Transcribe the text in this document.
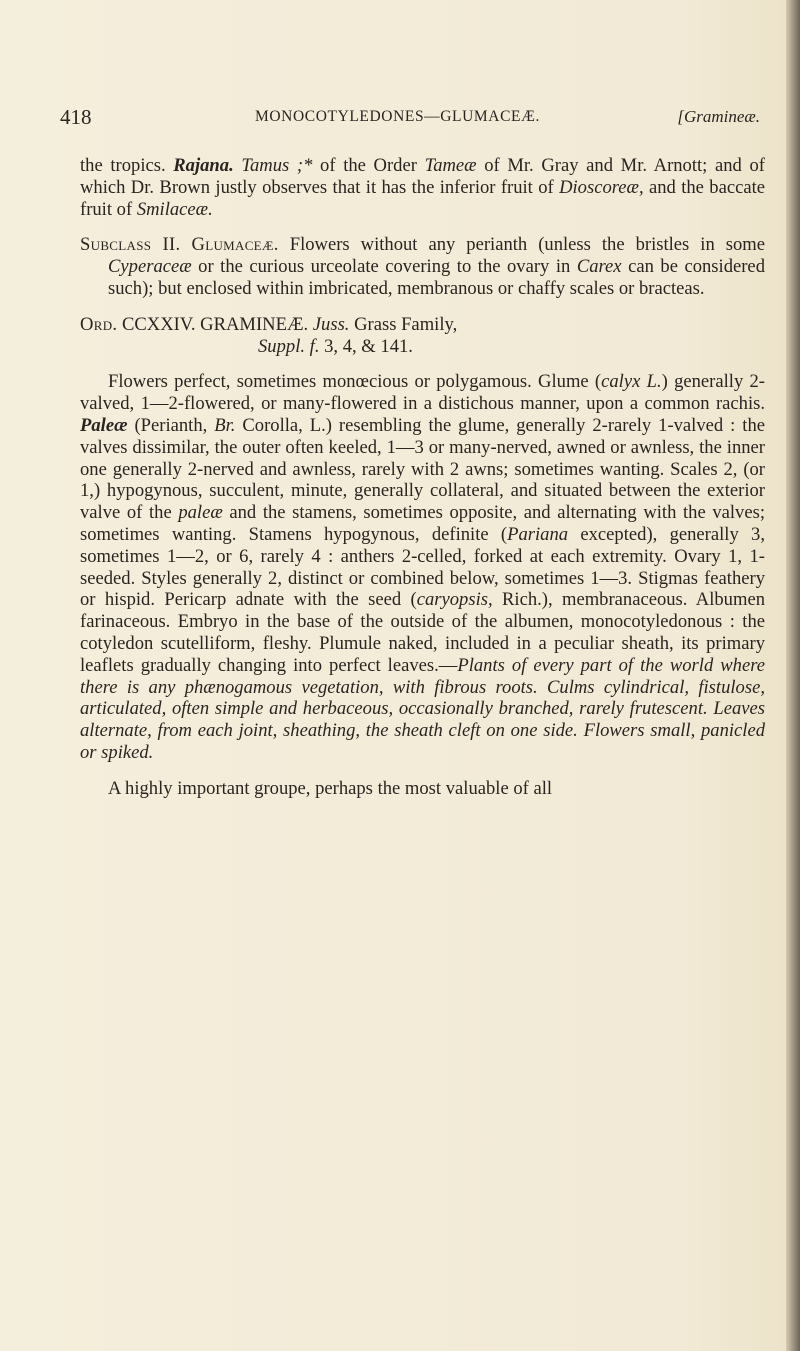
418	MONOCOTYLEDONES—GLUMACEÆ.	[Gramineæ.

the tropics. Rajana. Tamus ;* of the Order Tameæ of Mr. Gray and Mr. Arnott; and of which Dr. Brown justly observes that it has the inferior fruit of Dioscoreæ, and the baccate fruit of Smilaceæ.

Subclass II. Glumaceæ. Flowers without any perianth (unless the bristles in some Cyperaceæ or the curious urceolate covering to the ovary in Carex can be considered such); but enclosed within imbricated, membranous or chaffy scales or bracteas.

Ord. CCXXIV. GRAMINEÆ. Juss. Grass Family,
Suppl. f. 3, 4, & 141.

Flowers perfect, sometimes monœcious or polygamous. Glume (calyx L.) generally 2-valved, 1—2-flowered, or many-flowered in a distichous manner, upon a common rachis. Paleæ (Perianth, Br. Corolla, L.) resembling the glume, generally 2-rarely 1-valved : the valves dissimilar, the outer often keeled, 1—3 or many-nerved, awned or awnless, the inner one generally 2-nerved and awnless, rarely with 2 awns; sometimes wanting. Scales 2, (or 1,) hypogynous, succulent, minute, generally collateral, and situated between the exterior valve of the paleæ and the stamens, sometimes opposite, and alternating with the valves; sometimes wanting. Stamens hypogynous, definite (Pariana excepted), generally 3, sometimes 1—2, or 6, rarely 4 : anthers 2-celled, forked at each extremity. Ovary 1, 1-seeded. Styles generally 2, distinct or combined below, sometimes 1—3. Stigmas feathery or hispid. Pericarp adnate with the seed (caryopsis, Rich.), membranaceous. Albumen farinaceous. Embryo in the base of the outside of the albumen, monocotyledonous : the cotyledon scutelliform, fleshy. Plumule naked, included in a peculiar sheath, its primary leaflets gradually changing into perfect leaves.—Plants of every part of the world where there is any phænogamous vegetation, with fibrous roots. Culms cylindrical, fistulose, articulated, often simple and herbaceous, occasionally branched, rarely frutescent. Leaves alternate, from each joint, sheathing, the sheath cleft on one side. Flowers small, panicled or spiked.

A highly important groupe, perhaps the most valuable of all
